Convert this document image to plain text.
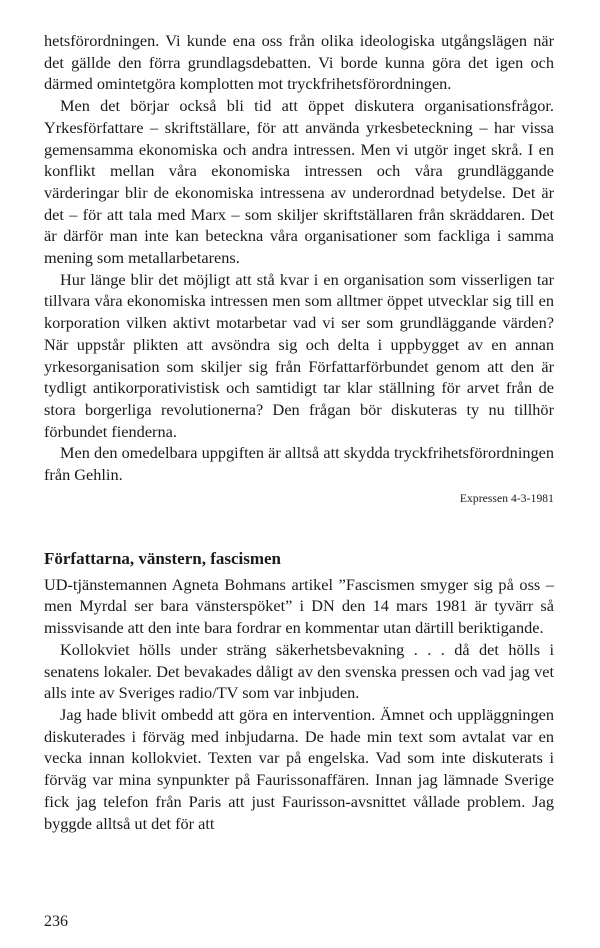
hetsförordningen. Vi kunde ena oss från olika ideologiska utgångslägen när det gällde den förra grundlagsdebatten. Vi borde kunna göra det igen och därmed omintetgöra komplotten mot tryckfrihetsförordningen.

Men det börjar också bli tid att öppet diskutera organisationsfrågor. Yrkesförfattare – skriftställare, för att använda yrkesbeteckning – har vissa gemensamma ekonomiska och andra intressen. Men vi utgör inget skrå. I en konflikt mellan våra ekonomiska intressen och våra grundläggande värderingar blir de ekonomiska intressena av underordnad betydelse. Det är det – för att tala med Marx – som skiljer skriftställaren från skräddaren. Det är därför man inte kan beteckna våra organisationer som fackliga i samma mening som metallarbetarens.

Hur länge blir det möjligt att stå kvar i en organisation som visserligen tar tillvara våra ekonomiska intressen men som alltmer öppet utvecklar sig till en korporation vilken aktivt motarbetar vad vi ser som grundläggande värden? När uppstår plikten att avsöndra sig och delta i uppbygget av en annan yrkesorganisation som skiljer sig från Författarförbundet genom att den är tydligt antikorporativistisk och samtidigt tar klar ställning för arvet från de stora borgerliga revolutionerna? Den frågan bör diskuteras ty nu tillhör förbundet fienderna.

Men den omedelbara uppgiften är alltså att skydda tryckfrihetsförordningen från Gehlin.

Expressen 4-3-1981
Författarna, vänstern, fascismen

UD-tjänstemannen Agneta Bohmans artikel ”Fascismen smyger sig på oss – men Myrdal ser bara vänsterspöket” i DN den 14 mars 1981 är tyvärr så missvisande att den inte bara fordrar en kommentar utan därtill beriktigande.

Kollokviet hölls under sträng säkerhetsbevakning . . . då det hölls i senatens lokaler. Det bevakades dåligt av den svenska pressen och vad jag vet alls inte av Sveriges radio/TV som var inbjuden.

Jag hade blivit ombedd att göra en intervention. Ämnet och uppläggningen diskuterades i förväg med inbjudarna. De hade min text som avtalat var en vecka innan kollokviet. Texten var på engelska. Vad som inte diskuterats i förväg var mina synpunkter på Faurissonaffären. Innan jag lämnade Sverige fick jag telefon från Paris att just Faurisson-avsnittet vållade problem. Jag byggde alltså ut det för att

236
